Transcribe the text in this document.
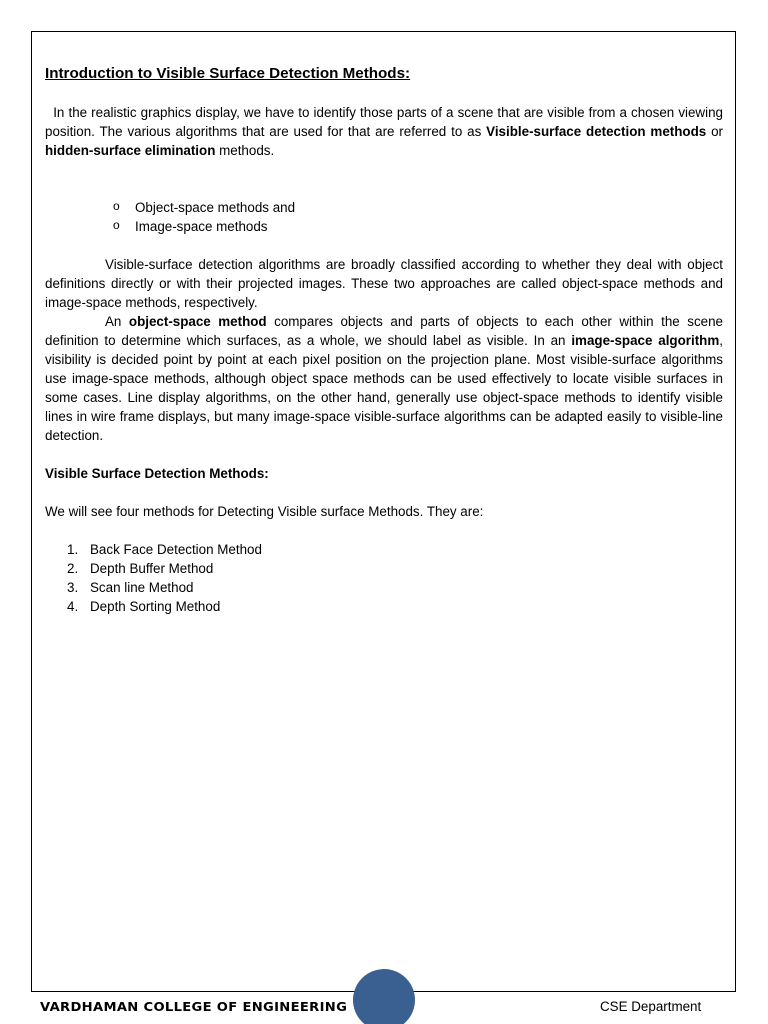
Introduction to Visible Surface Detection Methods:

In the realistic graphics display, we have to identify those parts of a scene that are visible from a chosen viewing position. The various algorithms that are used for that are referred to as Visible-surface detection methods or hidden-surface elimination methods.

o Object-space methods and
o Image-space methods

Visible-surface detection algorithms are broadly classified according to whether they deal with object definitions directly or with their projected images. These two approaches are called object-space methods and image-space methods, respectively.

An object-space method compares objects and parts of objects to each other within the scene definition to determine which surfaces, as a whole, we should label as visible. In an image-space algorithm, visibility is decided point by point at each pixel position on the projection plane. Most visible-surface algorithms use image-space methods, although object space methods can be used effectively to locate visible surfaces in some cases. Line display algorithms, on the other hand, generally use object-space methods to identify visible lines in wire frame displays, but many image-space visible-surface algorithms can be adapted easily to visible-line detection.

Visible Surface Detection Methods:

We will see four methods for Detecting Visible surface Methods. They are:

1. Back Face Detection Method
2. Depth Buffer Method
3. Scan line Method
4. Depth Sorting Method
VARDHAMAN COLLEGE OF ENGINEERING	CSE Department
